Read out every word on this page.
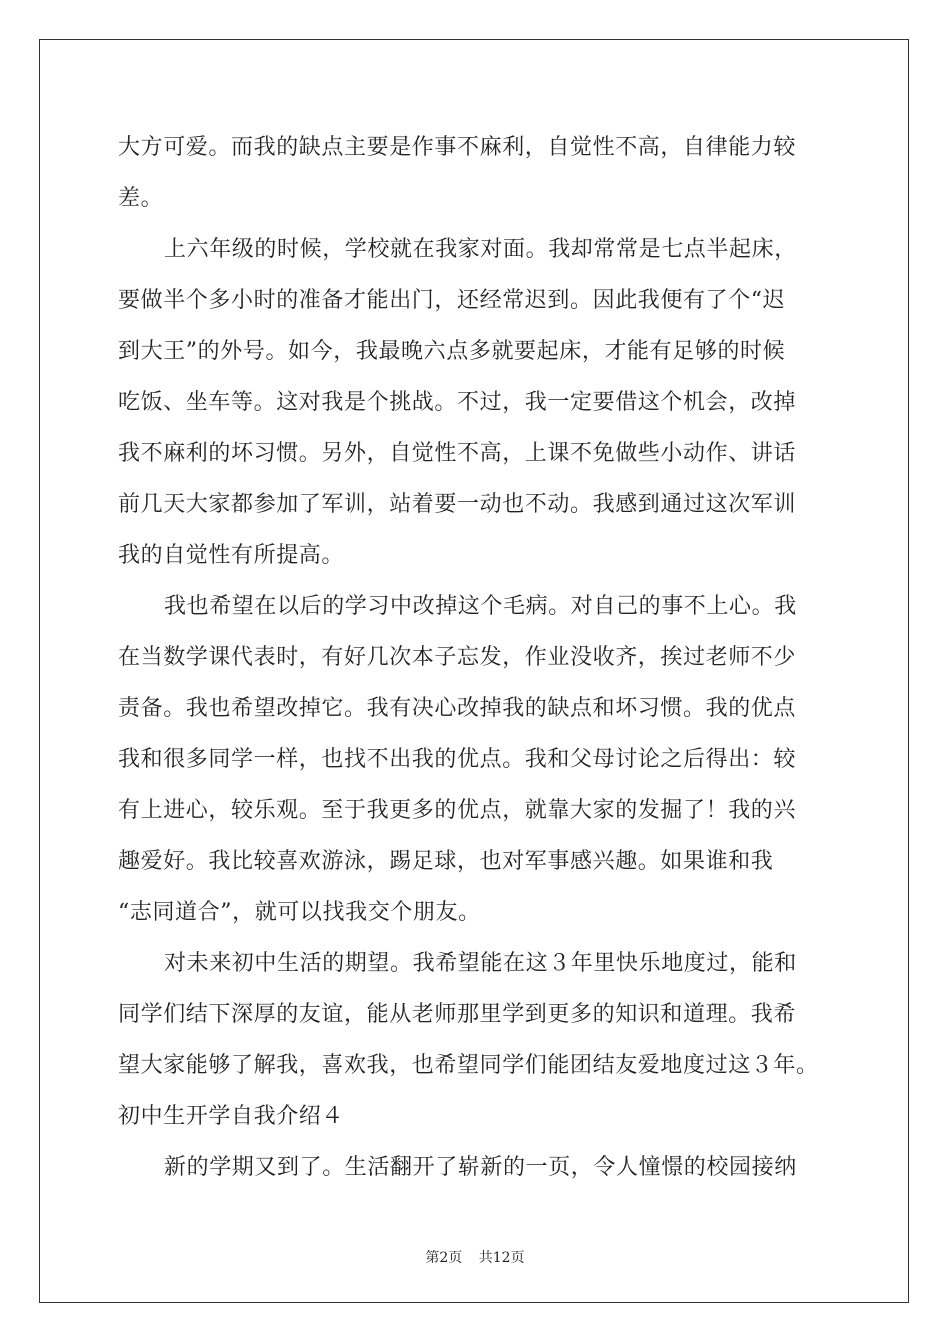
大方可爱。而我的缺点主要是作事不麻利，自觉性不高，自律能力较
差。
上六年级的时候，学校就在我家对面。我却常常是七点半起床，
要做半个多小时的准备才能出门，还经常迟到。因此我便有了个“迟
到大王”的外号。如今，我最晚六点多就要起床，才能有足够的时候
吃饭、坐车等。这对我是个挑战。不过，我一定要借这个机会，改掉
我不麻利的坏习惯。另外，自觉性不高，上课不免做些小动作、讲话
前几天大家都参加了军训，站着要一动也不动。我感到通过这次军训
我的自觉性有所提高。
我也希望在以后的学习中改掉这个毛病。对自己的事不上心。我
在当数学课代表时，有好几次本子忘发，作业没收齐，挨过老师不少
责备。我也希望改掉它。我有决心改掉我的缺点和坏习惯。我的优点
我和很多同学一样，也找不出我的优点。我和父母讨论之后得出：较
有上进心，较乐观。至于我更多的优点，就靠大家的发掘了！我的兴
趣爱好。我比较喜欢游泳，踢足球，也对军事感兴趣。如果谁和我
“志同道合”，就可以找我交个朋友。
对未来初中生活的期望。我希望能在这３年里快乐地度过，能和
同学们结下深厚的友谊，能从老师那里学到更多的知识和道理。我希
望大家能够了解我，喜欢我，也希望同学们能团结友爱地度过这３年。
初中生开学自我介绍４
新的学期又到了。生活翻开了崭新的一页，令人憧憬的校园接纳
第2页 共12页
